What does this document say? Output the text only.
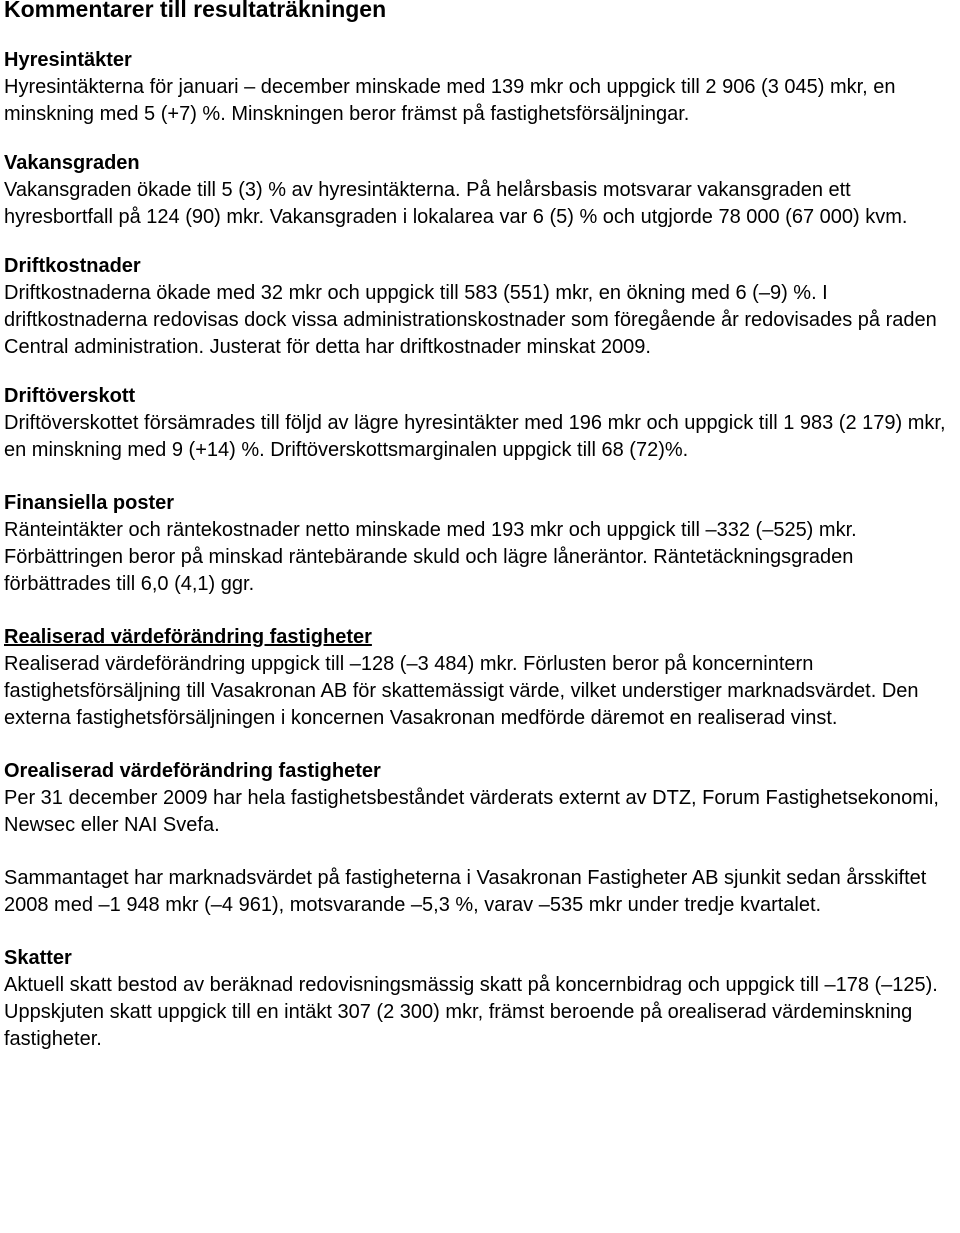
Kommentarer till resultaträkningen
Hyresintäkter

Hyresintäkterna för januari – december minskade med 139 mkr och uppgick till 2 906 (3 045) mkr, en minskning med 5 (+7) %. Minskningen beror främst på fastighetsförsäljningar.

Vakansgraden

Vakansgraden ökade till 5 (3) % av hyresintäkterna. På helårsbasis motsvarar vakansgraden ett hyresbortfall på 124 (90) mkr. Vakansgraden i lokalarea var 6 (5) % och utgjorde 78 000 (67 000) kvm.

Driftkostnader

Driftkostnaderna ökade med 32 mkr och uppgick till 583 (551) mkr, en ökning med 6 (–9) %. I driftkostnaderna redovisas dock vissa administrationskostnader som föregående år redovisades på raden Central administration. Justerat för detta har driftkostnader minskat 2009.

Driftöverskott

Driftöverskottet försämrades till följd av lägre hyresintäkter med 196 mkr och uppgick till 1 983 (2 179) mkr, en minskning med 9 (+14) %. Driftöverskottsmarginalen uppgick till 68 (72)%.

Finansiella poster

Ränteintäkter och räntekostnader netto minskade med 193 mkr och uppgick till –332 (–525) mkr. Förbättringen beror på minskad räntebärande skuld och lägre låneräntor. Räntetäckningsgraden förbättrades till 6,0 (4,1) ggr.

Realiserad värdeförändring fastigheter

Realiserad värdeförändring uppgick till –128 (–3 484) mkr. Förlusten beror på koncernintern fastighetsförsäljning till Vasakronan AB för skattemässigt värde, vilket understiger marknadsvärdet. Den externa fastighetsförsäljningen i koncernen Vasakronan medförde däremot en realiserad vinst.

Orealiserad värdeförändring fastigheter

Per 31 december 2009 har hela fastighetsbeståndet värderats externt av DTZ, Forum Fastighetsekonomi, Newsec eller NAI Svefa.

Sammantaget har marknadsvärdet på fastigheterna i Vasakronan Fastigheter AB sjunkit sedan årsskiftet 2008 med –1 948 mkr (–4 961), motsvarande –5,3 %, varav –535 mkr under tredje kvartalet.

Skatter

Aktuell skatt bestod av beräknad redovisningsmässig skatt på koncernbidrag och uppgick till –178 (–125). Uppskjuten skatt uppgick till en intäkt 307 (2 300) mkr, främst beroende på orealiserad värdeminskning fastigheter.
